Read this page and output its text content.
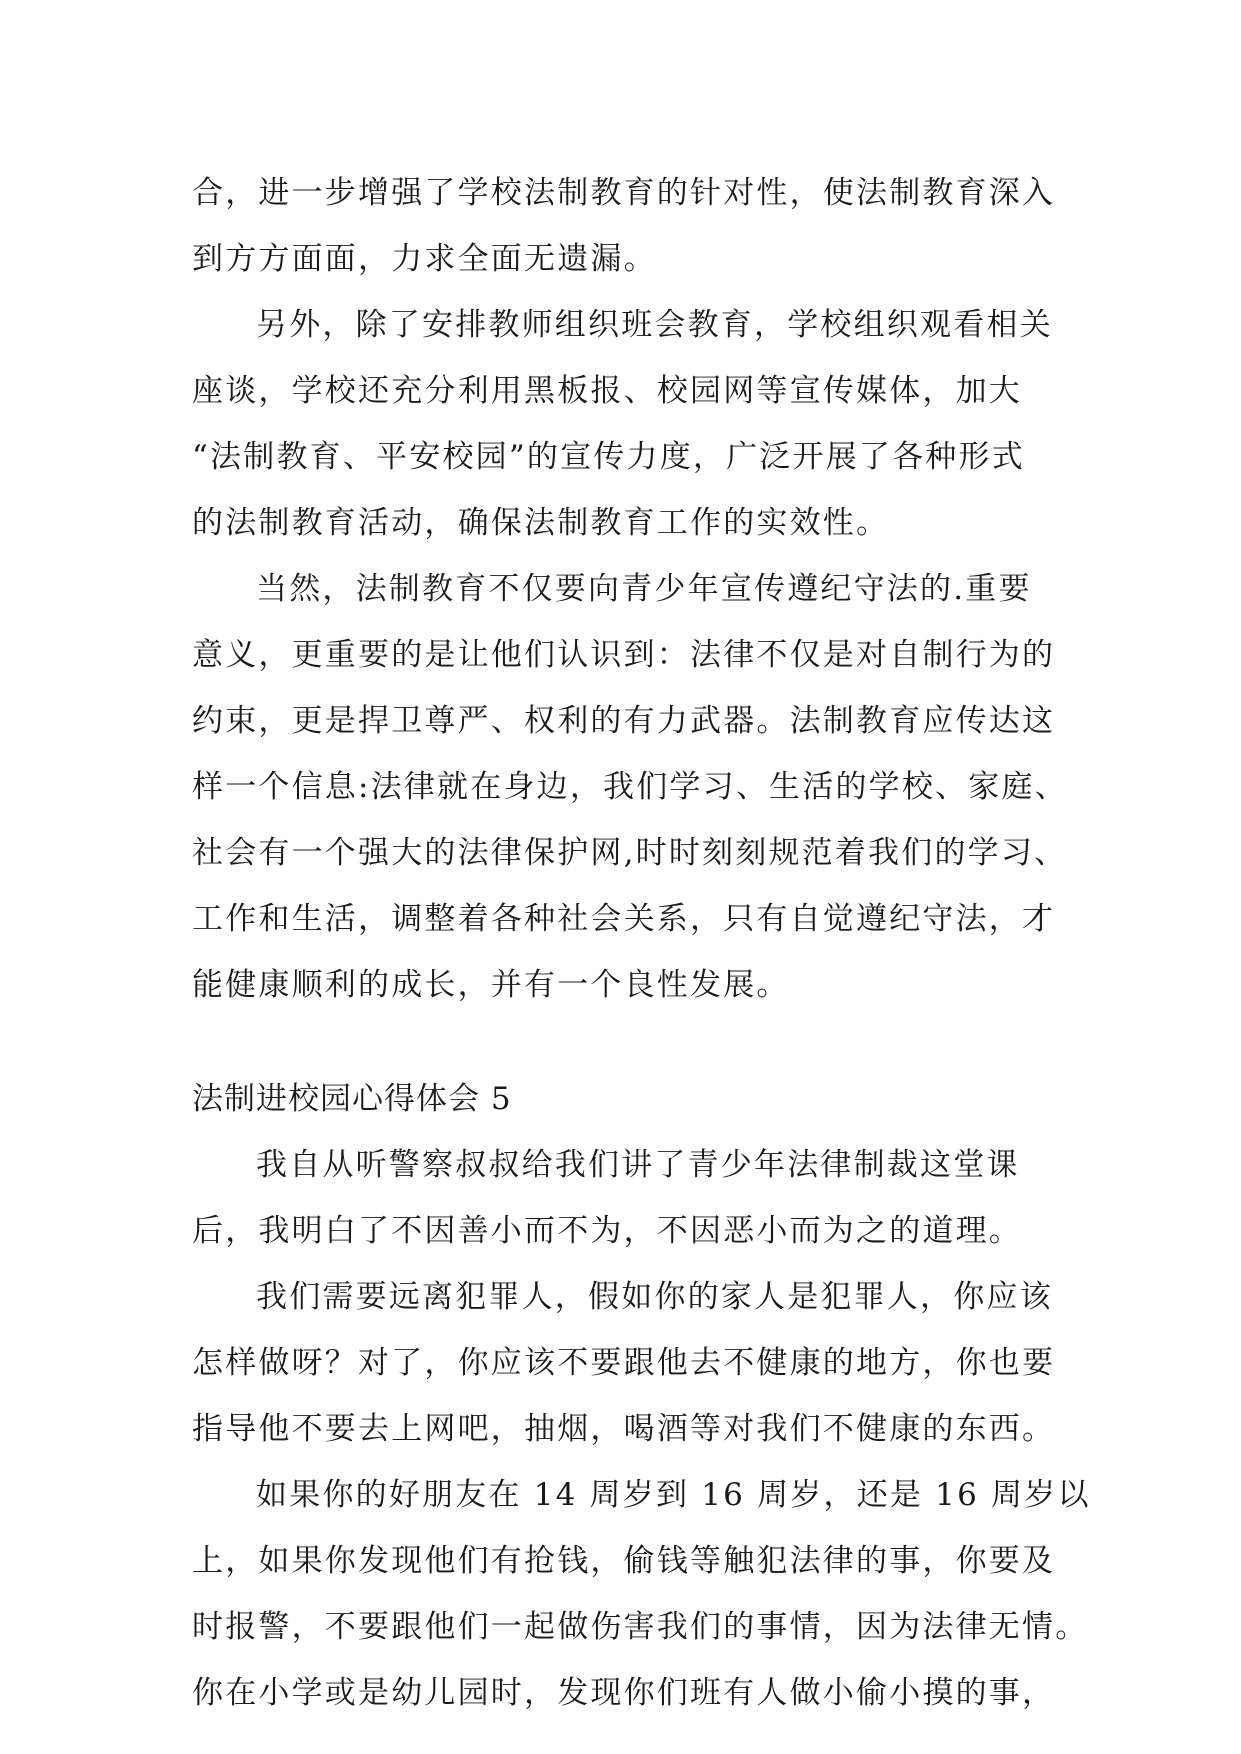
合，进一步增强了学校法制教育的针对性，使法制教育深入

到方方面面，力求全面无遗漏。

另外，除了安排教师组织班会教育，学校组织观看相关

座谈，学校还充分利用黑板报、校园网等宣传媒体，加大

“法制教育、平安校园”的宣传力度，广泛开展了各种形式

的法制教育活动，确保法制教育工作的实效性。

当然，法制教育不仅要向青少年宣传遵纪守法的.重要

意义，更重要的是让他们认识到：法律不仅是对自制行为的

约束，更是捍卫尊严、权利的有力武器。法制教育应传达这

样一个信息:法律就在身边，我们学习、生活的学校、家庭、

社会有一个强大的法律保护网,时时刻刻规范着我们的学习、

工作和生活，调整着各种社会关系，只有自觉遵纪守法，才

能健康顺利的成长，并有一个良性发展。

法制进校园心得体会 5

我自从听警察叔叔给我们讲了青少年法律制裁这堂课

后，我明白了不因善小而不为，不因恶小而为之的道理。

我们需要远离犯罪人，假如你的家人是犯罪人，你应该

怎样做呀？对了，你应该不要跟他去不健康的地方，你也要

指导他不要去上网吧，抽烟，喝酒等对我们不健康的东西。

如果你的好朋友在 14 周岁到 16 周岁，还是 16 周岁以

上，如果你发现他们有抢钱，偷钱等触犯法律的事，你要及

时报警，不要跟他们一起做伤害我们的事情，因为法律无情。

你在小学或是幼儿园时，发现你们班有人做小偷小摸的事，
